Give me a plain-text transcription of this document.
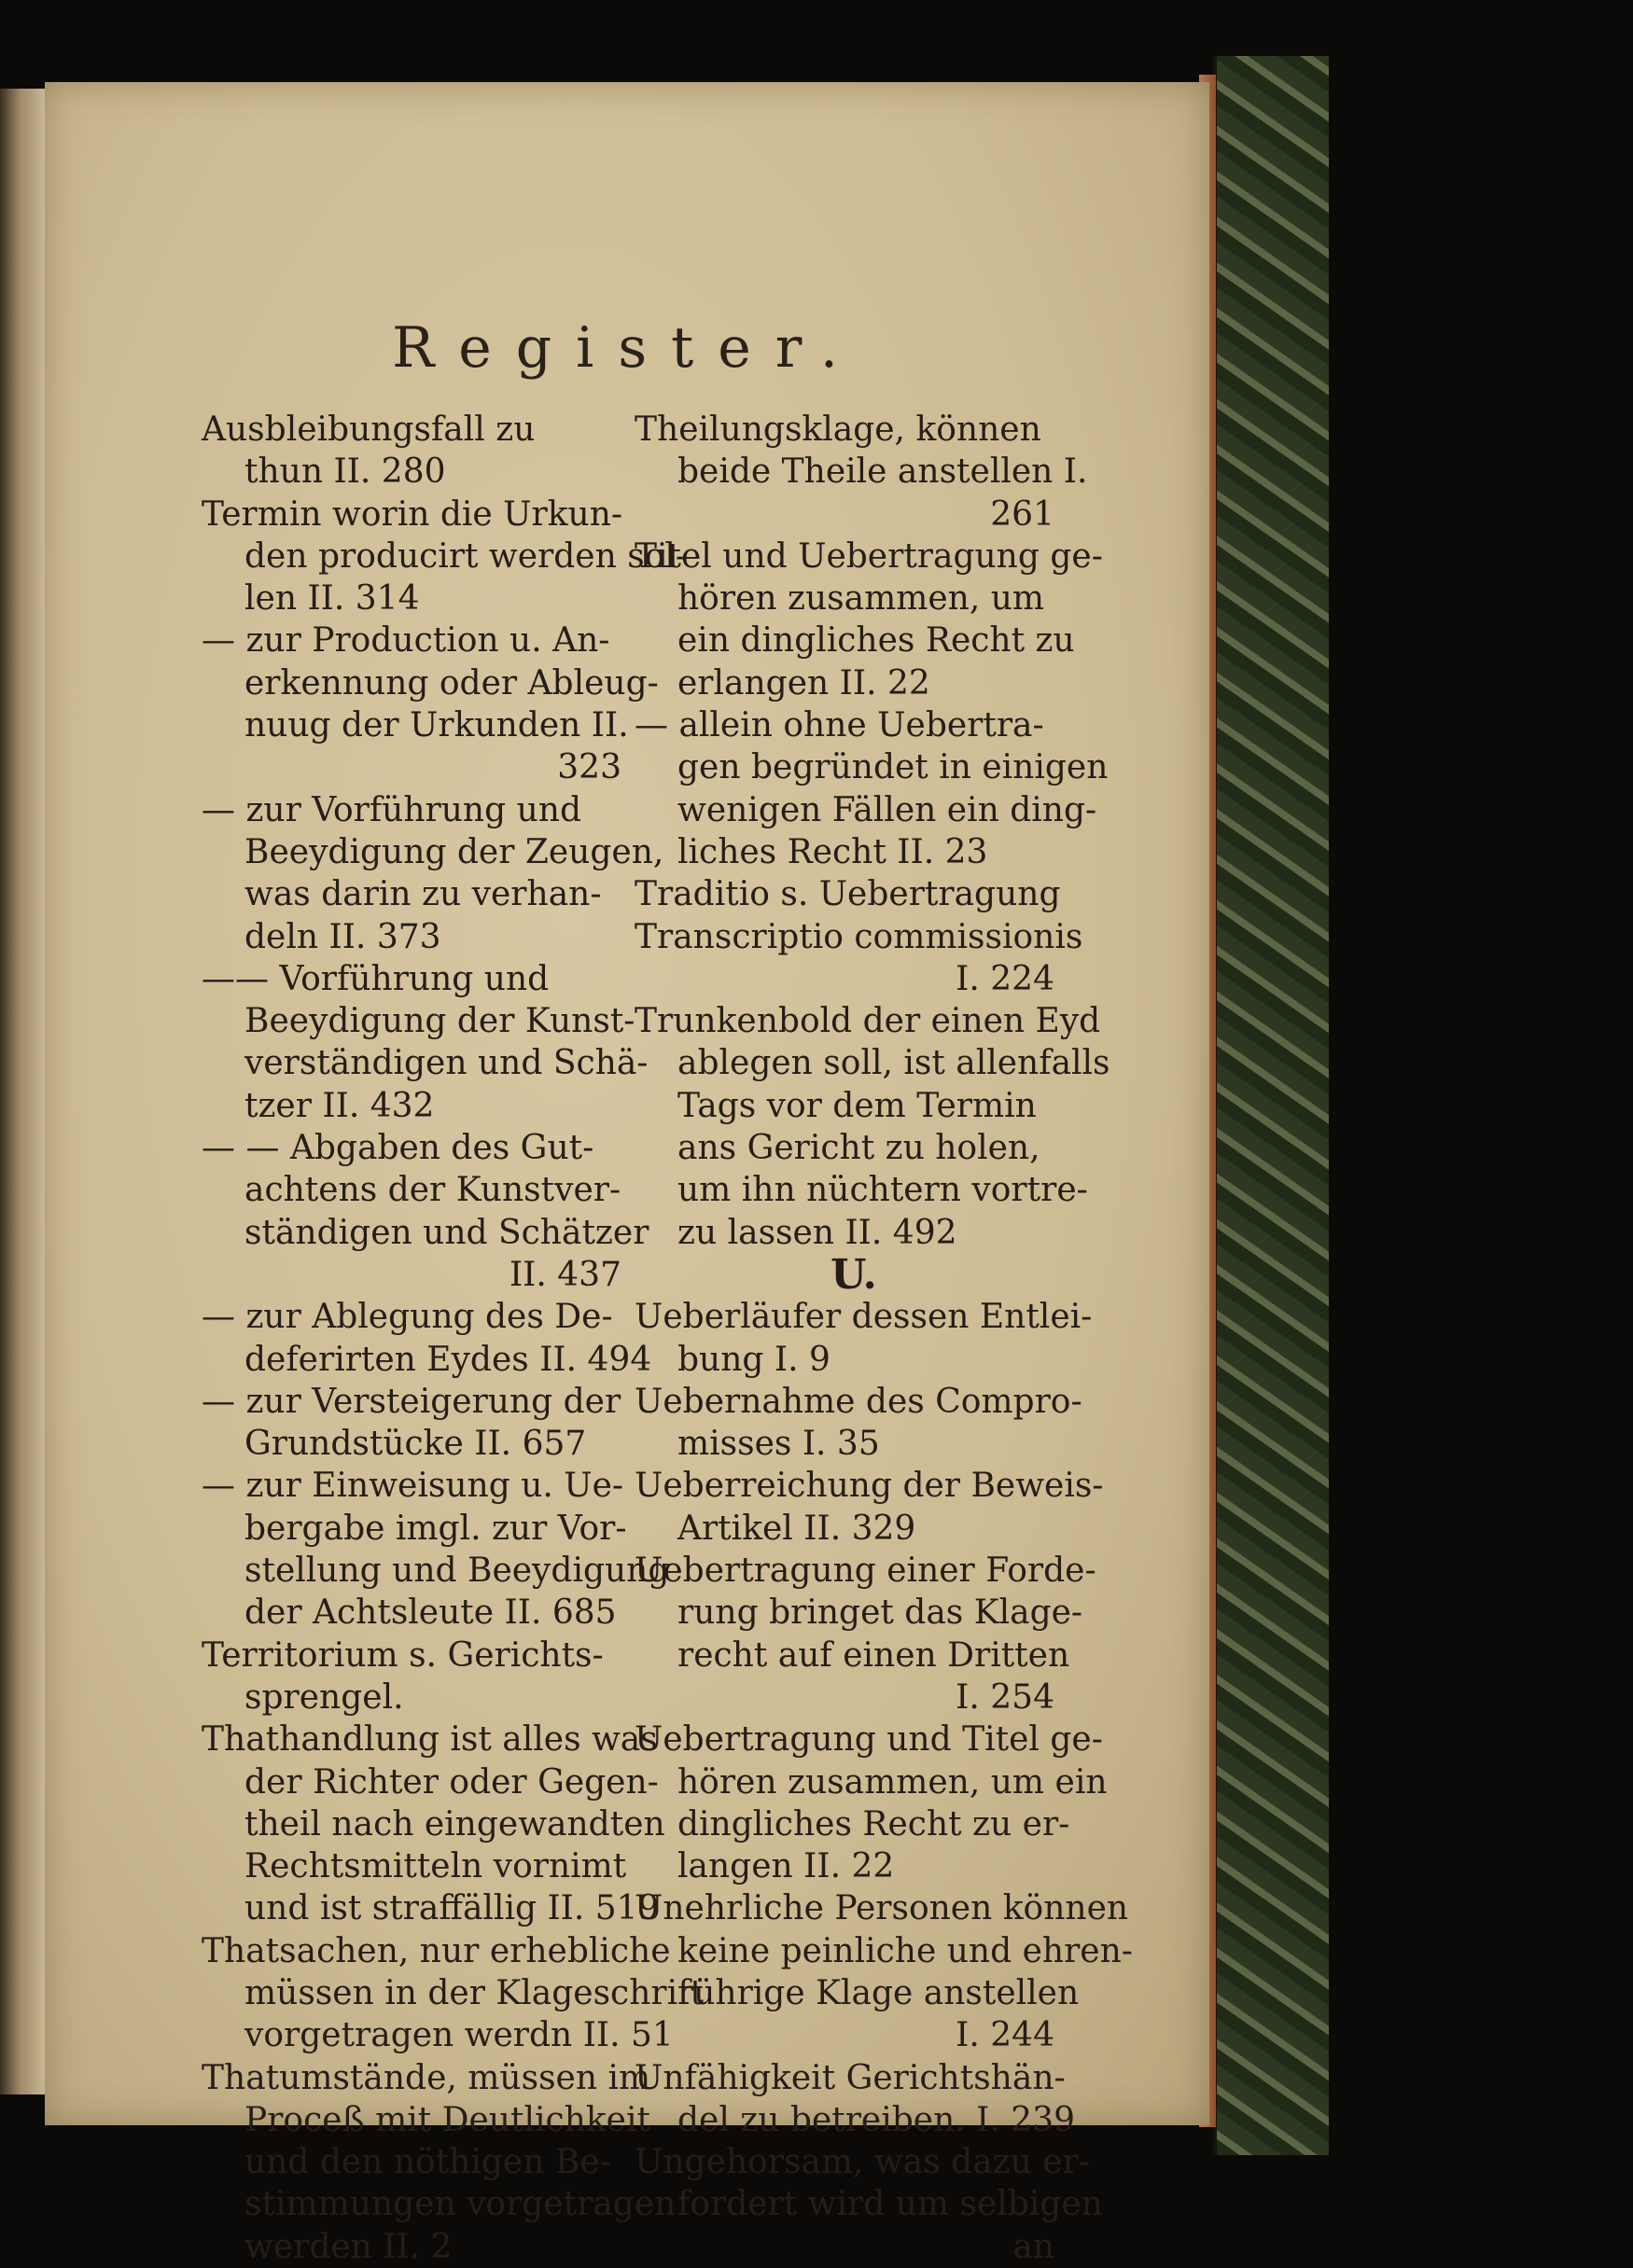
Register.
Ausbleibungsfall zu
thun II. 280
Termin worin die Urkun-
den producirt werden sol-
len II. 314
— zur Production u. An-
erkennung oder Ableug-
nuug der Urkunden II.
323
— zur Vorführung und
Beeydigung der Zeugen,
was darin zu verhan-
deln II. 373
—— Vorführung und
Beeydigung der Kunst-
verständigen und Schä-
tzer II. 432
— — Abgaben des Gut-
achtens der Kunstver-
ständigen und Schätzer
II. 437
— zur Ablegung des De-
deferirten Eydes II. 494
— zur Versteigerung der
Grundstücke II. 657
— zur Einweisung u. Ue-
bergabe imgl. zur Vor-
stellung und Beeydigung
der Achtsleute II. 685
Territorium s. Gerichts-
sprengel.
Thathandlung ist alles was
der Richter oder Gegen-
theil nach eingewandten
Rechtsmitteln vornimt
und ist straffällig II. 519
Thatsachen, nur erhebliche
müssen in der Klageschrift
vorgetragen werdn II. 51
Thatumstände, müssen im
Proceß mit Deutlichkeit
und den nöthigen Be-
stimmungen vorgetragen
werden II. 2
Theilungsklage, können
beide Theile anstellen I.
261
Titel und Uebertragung ge-
hören zusammen, um
ein dingliches Recht zu
erlangen II. 22
— allein ohne Uebertra-
gen begründet in einigen
wenigen Fällen ein ding-
liches Recht II. 23
Traditio s. Uebertragung
Transcriptio commissionis
I. 224
Trunkenbold der einen Eyd
ablegen soll, ist allenfalls
Tags vor dem Termin
ans Gericht zu holen,
um ihn nüchtern vortre-
zu lassen II. 492
U.
Ueberläufer dessen Entlei-
bung I. 9
Uebernahme des Compro-
misses I. 35
Ueberreichung der Beweis-
Artikel II. 329
Uebertragung einer Forde-
rung bringet das Klage-
recht auf einen Dritten
I. 254
Uebertragung und Titel ge-
hören zusammen, um ein
dingliches Recht zu er-
langen II. 22
Unehrliche Personen können
keine peinliche und ehren-
rührige Klage anstellen
I. 244
Unfähigkeit Gerichtshän-
del zu betreiben. I. 239
Ungehorsam, was dazu er-
fordert wird um selbigen
an
